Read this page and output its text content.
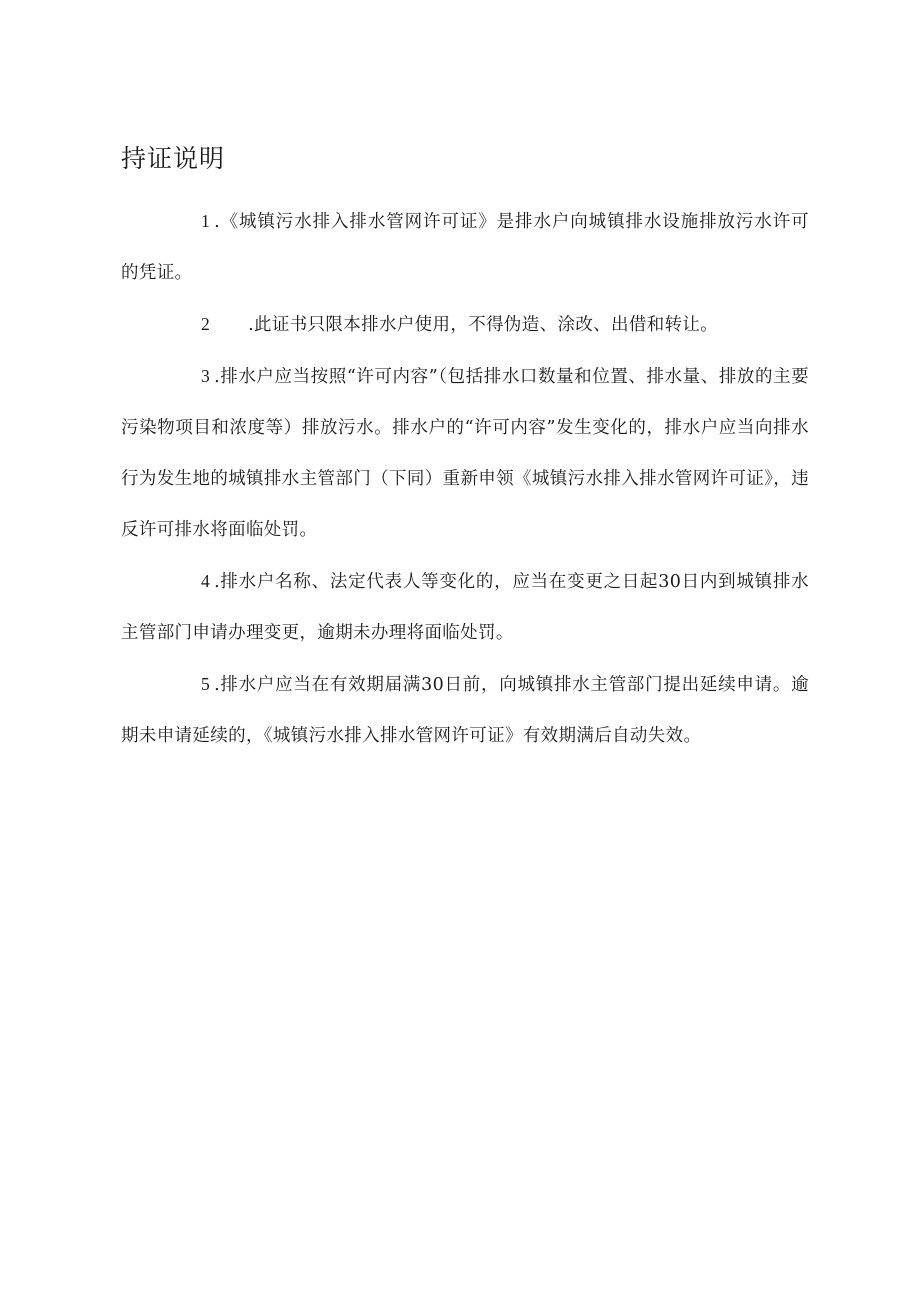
持证说明

1 .《城镇污水排入排水管网许可证》是排水户向城镇排水设施排放污水许可的凭证。

2 .此证书只限本排水户使用，不得伪造、涂改、出借和转让。

3 .排水户应当按照“许可内容”（包括排水口数量和位置、排水量、排放的主要污染物项目和浓度等）排放污水。排水户的“许可内容”发生变化的，排水户应当向排水行为发生地的城镇排水主管部门（下同）重新申领《城镇污水排入排水管网许可证》，违反许可排水将面临处罚。

4 .排水户名称、法定代表人等变化的，应当在变更之日起30日内到城镇排水主管部门申请办理变更，逾期未办理将面临处罚。

5 .排水户应当在有效期届满30日前，向城镇排水主管部门提出延续申请。逾期未申请延续的，《城镇污水排入排水管网许可证》有效期满后自动失效。
